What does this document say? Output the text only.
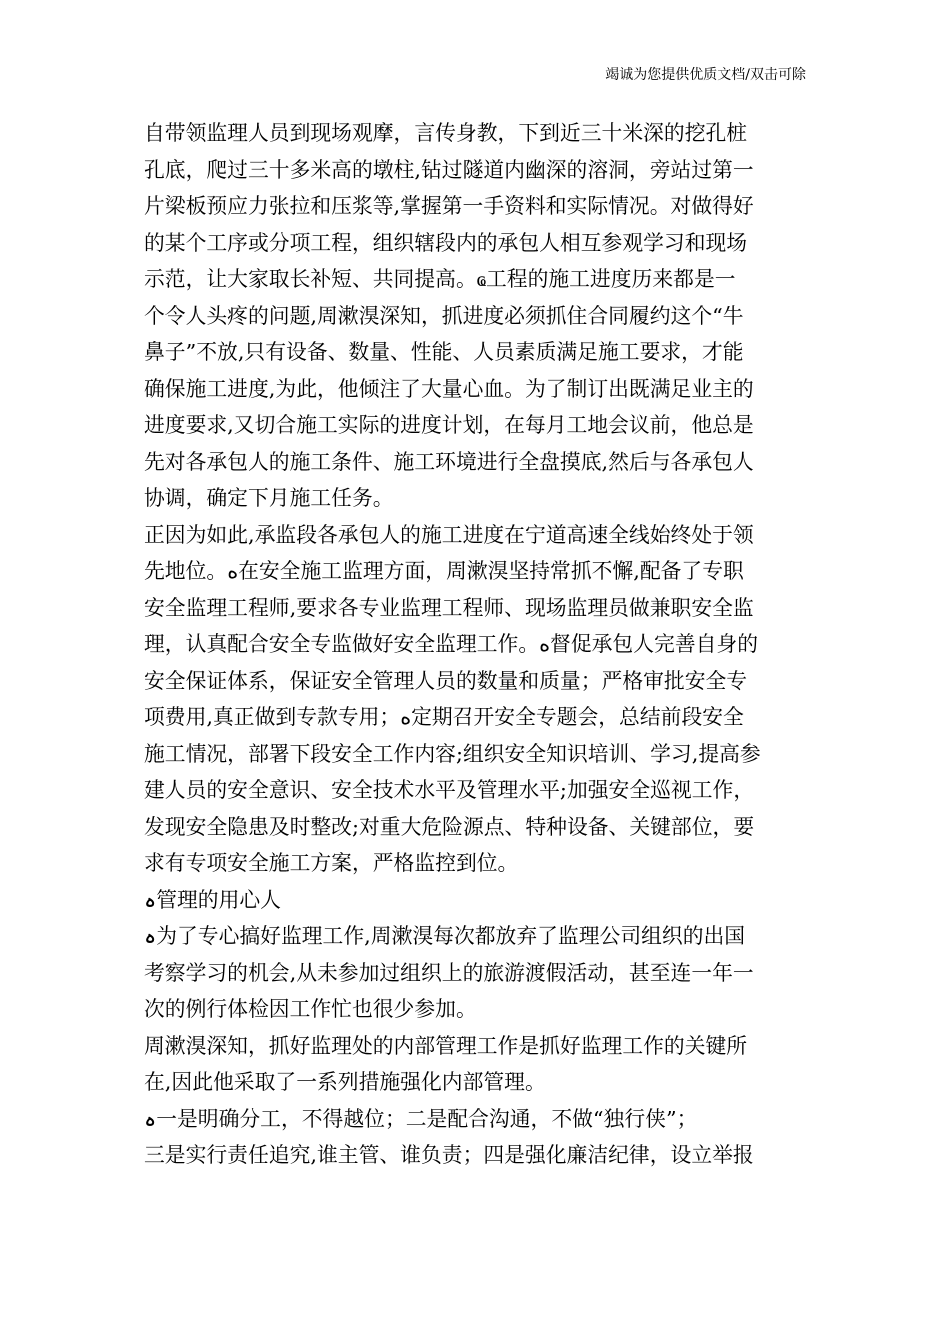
竭诚为您提供优质文档/双击可除
自带领监理人员到现场观摩，言传身教，下到近三十米深的挖孔桩
孔底，爬过三十多米高的墩柱,钻过隧道内幽深的溶洞，旁站过第一
片梁板预应力张拉和压浆等,掌握第一手资料和实际情况。对做得好
的某个工序或分项工程，组织辖段内的承包人相互参观学习和现场
示范，让大家取长补短、共同提高。ҩ工程的施工进度历来都是一
个令人头疼的问题,周漱湨深知，抓进度必须抓住合同履约这个“牛
鼻子”不放,只有设备、数量、性能、人员素质满足施工要求，才能
确保施工进度,为此，他倾注了大量心血。为了制订出既满足业主的
进度要求,又切合施工实际的进度计划，在每月工地会议前，他总是
先对各承包人的施工条件、施工环境进行全盘摸底,然后与各承包人
协调，确定下月施工任务。
正因为如此,承监段各承包人的施工进度在宁道高速全线始终处于领
先地位。ه在安全施工监理方面，周漱湨坚持常抓不懈,配备了专职
安全监理工程师,要求各专业监理工程师、现场监理员做兼职安全监
理，认真配合安全专监做好安全监理工作。ه督促承包人完善自身的
安全保证体系，保证安全管理人员的数量和质量；严格审批安全专
项费用,真正做到专款专用；ه定期召开安全专题会，总结前段安全
施工情况，部署下段安全工作内容;组织安全知识培训、学习,提高参
建人员的安全意识、安全技术水平及管理水平;加强安全巡视工作，
发现安全隐患及时整改;对重大危险源点、特种设备、关键部位，要
求有专项安全施工方案，严格监控到位。
ہ管理的用心人
ہ为了专心搞好监理工作,周漱湨每次都放弃了监理公司组织的出国
考察学习的机会,从未参加过组织上的旅游渡假活动，甚至连一年一
次的例行体检因工作忙也很少参加。
周漱湨深知，抓好监理处的内部管理工作是抓好监理工作的关键所
在,因此他采取了一系列措施强化内部管理。
ہ一是明确分工，不得越位；二是配合沟通，不做“独行侠”；
三是实行责任追究,谁主管、谁负责；四是强化廉洁纪律，设立举报
